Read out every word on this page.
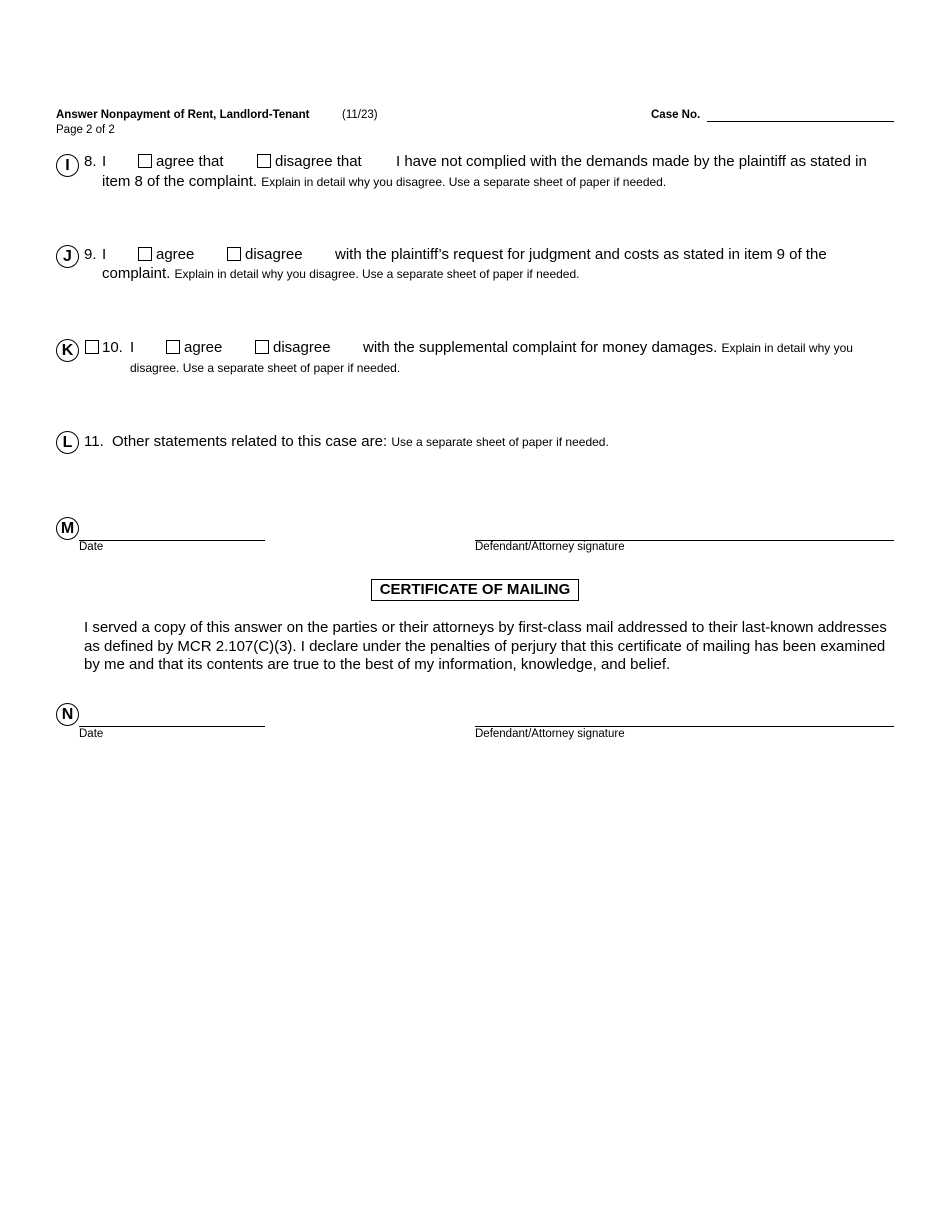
Answer Nonpayment of Rent, Landlord-Tenant	(11/23)
Page 2 of 2
Case No.
I 8. I	agree that	disagree that I have not complied with the demands made by the plaintiff as stated in
item 8 of the complaint. Explain in detail why you disagree. Use a separate sheet of paper if needed.
J 9. I	agree	disagree with the plaintiff’s request for judgment and costs as stated in item 9 of the
complaint. Explain in detail why you disagree. Use a separate sheet of paper if needed.
K	10. I	agree	disagree with the supplemental complaint for money damages. Explain in detail why you
disagree. Use a separate sheet of paper if needed.
L 11. Other statements related to this case are: Use a separate sheet of paper if needed.
M
Date	Defendant/Attorney signature
CERTIFICATE OF MAILING
I served a copy of this answer on the parties or their attorneys by first-class mail addressed to their last-known addresses as defined by MCR 2.107(C)(3). I declare under the penalties of perjury that this certificate of mailing has been examined by me and that its contents are true to the best of my information, knowledge, and belief.
N
Date	Defendant/Attorney signature
